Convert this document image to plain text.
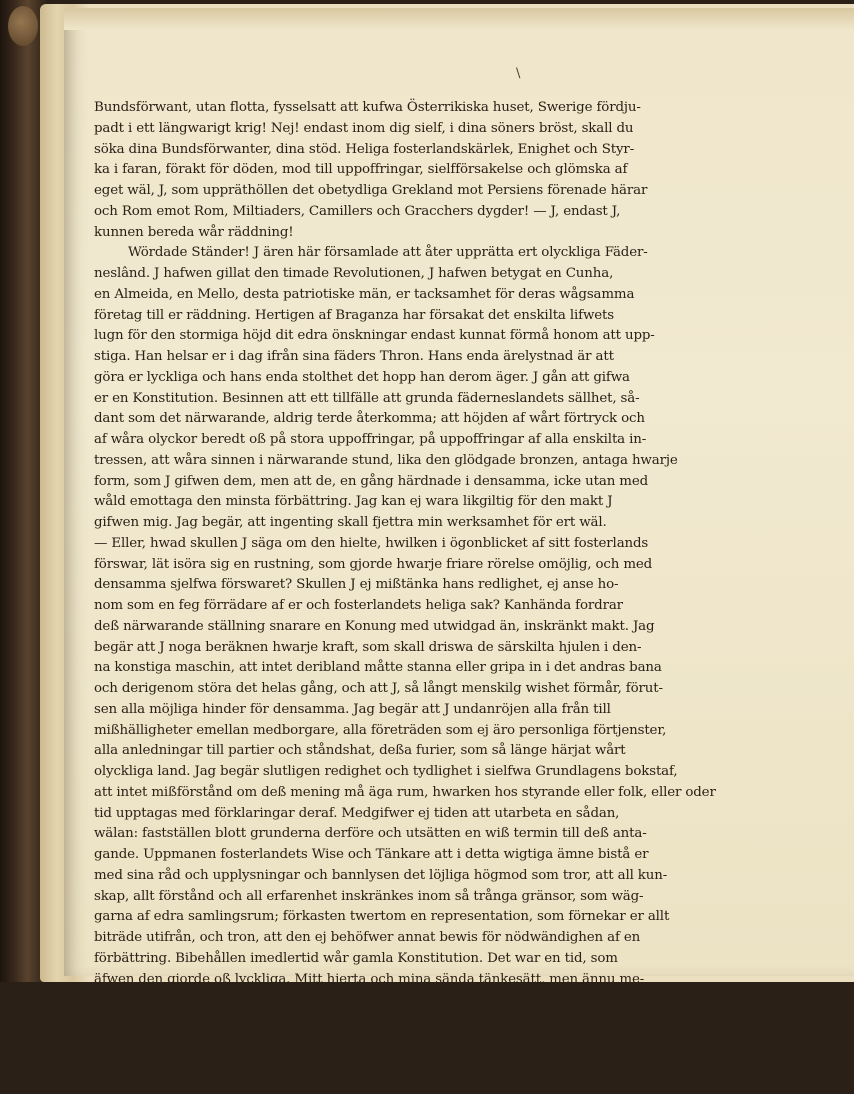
\
Bundsförwant, utan flotta, fysselsatt att kufwa Österrikiska huset, Swerige fördju-
padt i ett längwarigt krig! Nej! endast inom dig sielf, i dina söners bröst, skall du
söka dina Bundsförwanter, dina stöd. Heliga fosterlandskärlek, Enighet och Styr-
ka i faran, förakt för döden, mod till uppoffringar, sielfförsakelse och glömska af
eget wäl, J, som uppräthöllen det obetydliga Grekland mot Persiens förenade härar
och Rom emot Rom, Miltiaders, Camillers och Gracchers dygder! — J, endast J,
kunnen bereda wår räddning!
Wördade Ständer! J ären här församlade att åter upprätta ert olyckliga Fäder-
neslând. J hafwen gillat den timade Revolutionen, J hafwen betygat en Cunha,
en Almeida, en Mello, desta patriotiske män, er tacksamhet för deras wågsamma
företag till er räddning. Hertigen af Braganza har försakat det enskilta lifwets
lugn för den stormiga höjd dit edra önskningar endast kunnat förmå honom att upp-
stiga. Han helsar er i dag ifrån sina fäders Thron. Hans enda ärelystnad är att
göra er lyckliga och hans enda stolthet det hopp han derom äger. J gån att gifwa
er en Konstitution. Besinnen att ett tillfälle att grunda fäderneslandets sällhet, så-
dant som det närwarande, aldrig terde återkomma; att höjden af wårt förtryck och
af wåra olyckor beredt oß på stora uppoffringar, på uppoffringar af alla enskilta in-
tressen, att wåra sinnen i närwarande stund, lika den glödgade bronzen, antaga hwarje
form, som J gifwen dem, men att de, en gång härdnade i densamma, icke utan med
wåld emottaga den minsta förbättring. Jag kan ej wara likgiltig för den makt J
gifwen mig. Jag begär, att ingenting skall fjettra min werksamhet för ert wäl.
— Eller, hwad skullen J säga om den hielte, hwilken i ögonblicket af sitt fosterlands
förswar, lät isöra sig en rustning, som gjorde hwarje friare rörelse omöjlig, och med
densamma sjelfwa förswaret? Skullen J ej mißtänka hans redlighet, ej anse ho-
nom som en feg förrädare af er och fosterlandets heliga sak? Kanhända fordrar
deß närwarande ställning snarare en Konung med utwidgad än, inskränkt makt. Jag
begär att J noga beräknen hwarje kraft, som skall driswa de särskilta hjulen i den-
na konstiga maschin, att intet deribland måtte stanna eller gripa in i det andras bana
och derigenom störa det helas gång, och att J, så långt menskilg wishet förmår, förut-
sen alla möjliga hinder för densamma. Jag begär att J undanröjen alla från till
mißhälligheter emellan medborgare, alla företräden som ej äro personliga förtjenster,
alla anledningar till partier och ståndshat, deßa furier, som så länge härjat wårt
olyckliga land. Jag begär slutligen redighet och tydlighet i sielfwa Grundlagens bokstaf,
att intet mißförstånd om deß mening må äga rum, hwarken hos styrande eller folk, eller oder
tid upptagas med förklaringar deraf. Medgifwer ej tiden att utarbeta en sådan,
wälan: fastställen blott grunderna derföre och utsätten en wiß termin till deß anta-
gande. Uppmanen fosterlandets Wise och Tänkare att i detta wigtiga ämne bistå er
med sina råd och upplysningar och bannlysen det löjliga högmod som tror, att all kun-
skap, allt förstånd och all erfarenhet inskränkes inom så trånga gränsor, som wäg-
garna af edra samlingsrum; förkasten twertom en representation, som förnekar er allt
biträde utifrån, och tron, att den ej behöfwer annat bewis för nödwändighen af en
förbättring. Bibehållen imedlertid wår gamla Konstitution. Det war en tid, som
äfwen den gjorde oß lyckliga. Mitt hjerta och mina sända tänkesätt, men ännu me-
ra fäderneslandets närwarande ställning böra wara er en säker borgen, att den ej
skall mißbrukas.
Men ännu återstår ett stort och wigtigt föremål för wåra bekymmer. Wår
Granne i öster, detta fruktanswärda Spanien, som hotat att för ewigt uppswälja
oß i sin Ocean af makt, denne stolte Filip, som hittills skrutit af att solen aldrig går ned i
